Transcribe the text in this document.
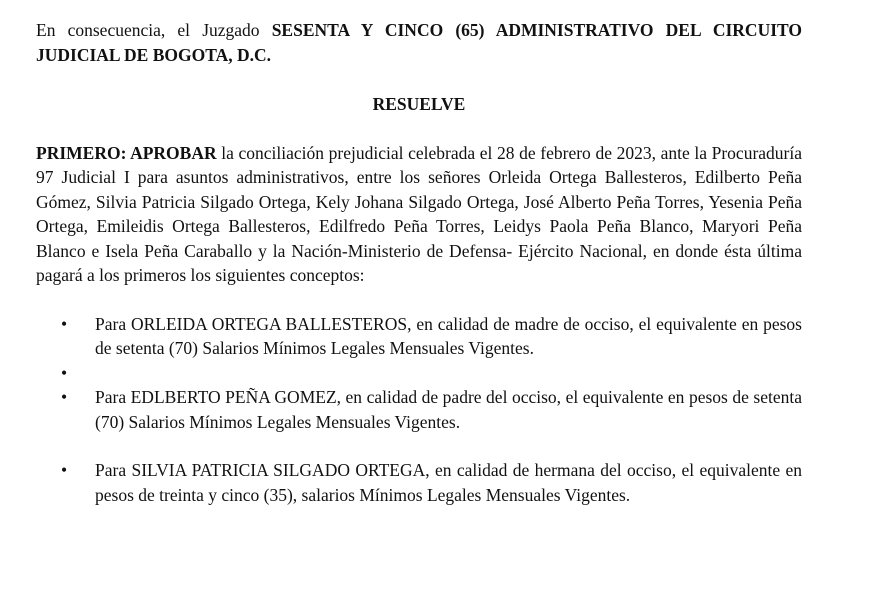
En consecuencia, el Juzgado SESENTA Y CINCO (65) ADMINISTRATIVO DEL CIRCUITO JUDICIAL DE BOGOTA, D.C.

RESUELVE

PRIMERO: APROBAR la conciliación prejudicial celebrada el 28 de febrero de 2023, ante la Procuraduría 97 Judicial I para asuntos administrativos, entre los señores Orleida Ortega Ballesteros, Edilberto Peña Gómez, Silvia Patricia Silgado Ortega, Kely Johana Silgado Ortega, José Alberto Peña Torres, Yesenia Peña Ortega, Emileidis Ortega Ballesteros, Edilfredo Peña Torres, Leidys Paola Peña Blanco, Maryori Peña Blanco e Isela Peña Caraballo y la Nación-Ministerio de Defensa- Ejército Nacional, en donde ésta última pagará a los primeros los siguientes conceptos:

• Para ORLEIDA ORTEGA BALLESTEROS, en calidad de madre de occiso, el equivalente en pesos de setenta (70) Salarios Mínimos Legales Mensuales Vigentes.
•

• Para EDLBERTO PEÑA GOMEZ, en calidad de padre del occiso, el equivalente en pesos de setenta (70) Salarios Mínimos Legales Mensuales Vigentes.
• Para SILVIA PATRICIA SILGADO ORTEGA, en calidad de hermana del occiso, el equivalente en pesos de treinta y cinco (35), salarios Mínimos Legales Mensuales Vigentes.
